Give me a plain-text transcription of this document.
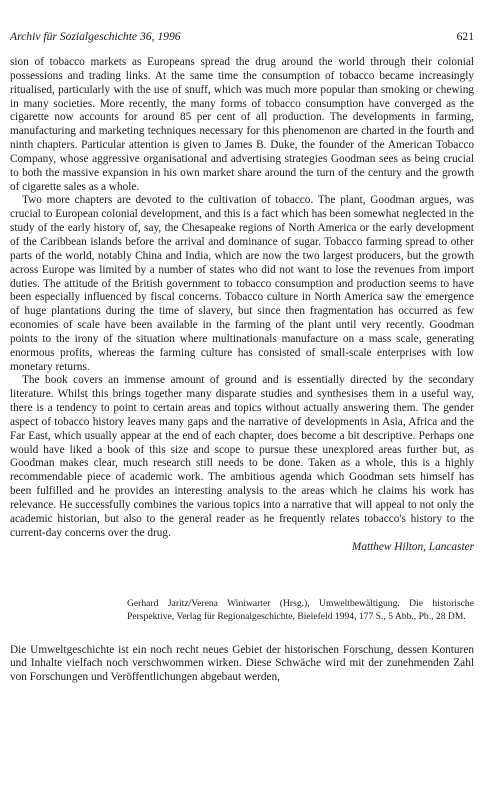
Archiv für Sozialgeschichte 36, 1996	621

sion of tobacco markets as Europeans spread the drug around the world through their colonial possessions and trading links. At the same time the consumption of tobacco became increasingly ritualised, particularly with the use of snuff, which was much more popular than smoking or chewing in many societies. More recently, the many forms of tobacco consumption have converged as the cigarette now accounts for around 85 per cent of all production. The developments in farming, manufacturing and marketing techniques necessary for this phenomenon are charted in the fourth and ninth chapters. Particular attention is given to James B. Duke, the founder of the American Tobacco Company, whose aggressive organisational and advertising strategies Goodman sees as being crucial to both the massive expansion in his own market share around the turn of the century and the growth of cigarette sales as a whole.

Two more chapters are devoted to the cultivation of tobacco. The plant, Goodman argues, was crucial to European colonial development, and this is a fact which has been somewhat neglected in the study of the early history of, say, the Chesapeake regions of North America or the early development of the Caribbean islands before the arrival and dominance of sugar. Tobacco farming spread to other parts of the world, notably China and India, which are now the two largest producers, but the growth across Europe was limited by a number of states who did not want to lose the revenues from import duties. The attitude of the British government to tobacco consumption and production seems to have been especially influenced by fiscal concerns. Tobacco culture in North America saw the emergence of huge plantations during the time of slavery, but since then fragmentation has occurred as few economies of scale have been available in the farming of the plant until very recently. Goodman points to the irony of the situation where multinationals manufacture on a mass scale, generating enormous profits, whereas the farming culture has consisted of small-scale enterprises with low monetary returns.

The book covers an immense amount of ground and is essentially directed by the secondary literature. Whilst this brings together many disparate studies and synthesises them in a useful way, there is a tendency to point to certain areas and topics without actually answering them. The gender aspect of tobacco history leaves many gaps and the narrative of developments in Asia, Africa and the Far East, which usually appear at the end of each chapter, does become a bit descriptive. Perhaps one would have liked a book of this size and scope to pursue these unexplored areas further but, as Goodman makes clear, much research still needs to be done. Taken as a whole, this is a highly recommendable piece of academic work. The ambitious agenda which Goodman sets himself has been fulfilled and he provides an interesting analysis to the areas which he claims his work has relevance. He successfully combines the various topics into a narrative that will appeal to not only the academic historian, but also to the general reader as he frequently relates tobacco's history to the current-day concerns over the drug.

Matthew Hilton, Lancaster
Gerhard Jaritz/Verena Winiwarter (Hrsg.), Umweltbewältigung. Die historische Perspektive, Verlag für Regionalgeschichte, Bielefeld 1994, 177 S., 5 Abb., Pb., 28 DM.

Die Umweltgeschichte ist ein noch recht neues Gebiet der historischen Forschung, dessen Konturen und Inhalte vielfach noch verschwommen wirken. Diese Schwäche wird mit der zunehmenden Zahl von Forschungen und Veröffentlichungen abgebaut werden,
